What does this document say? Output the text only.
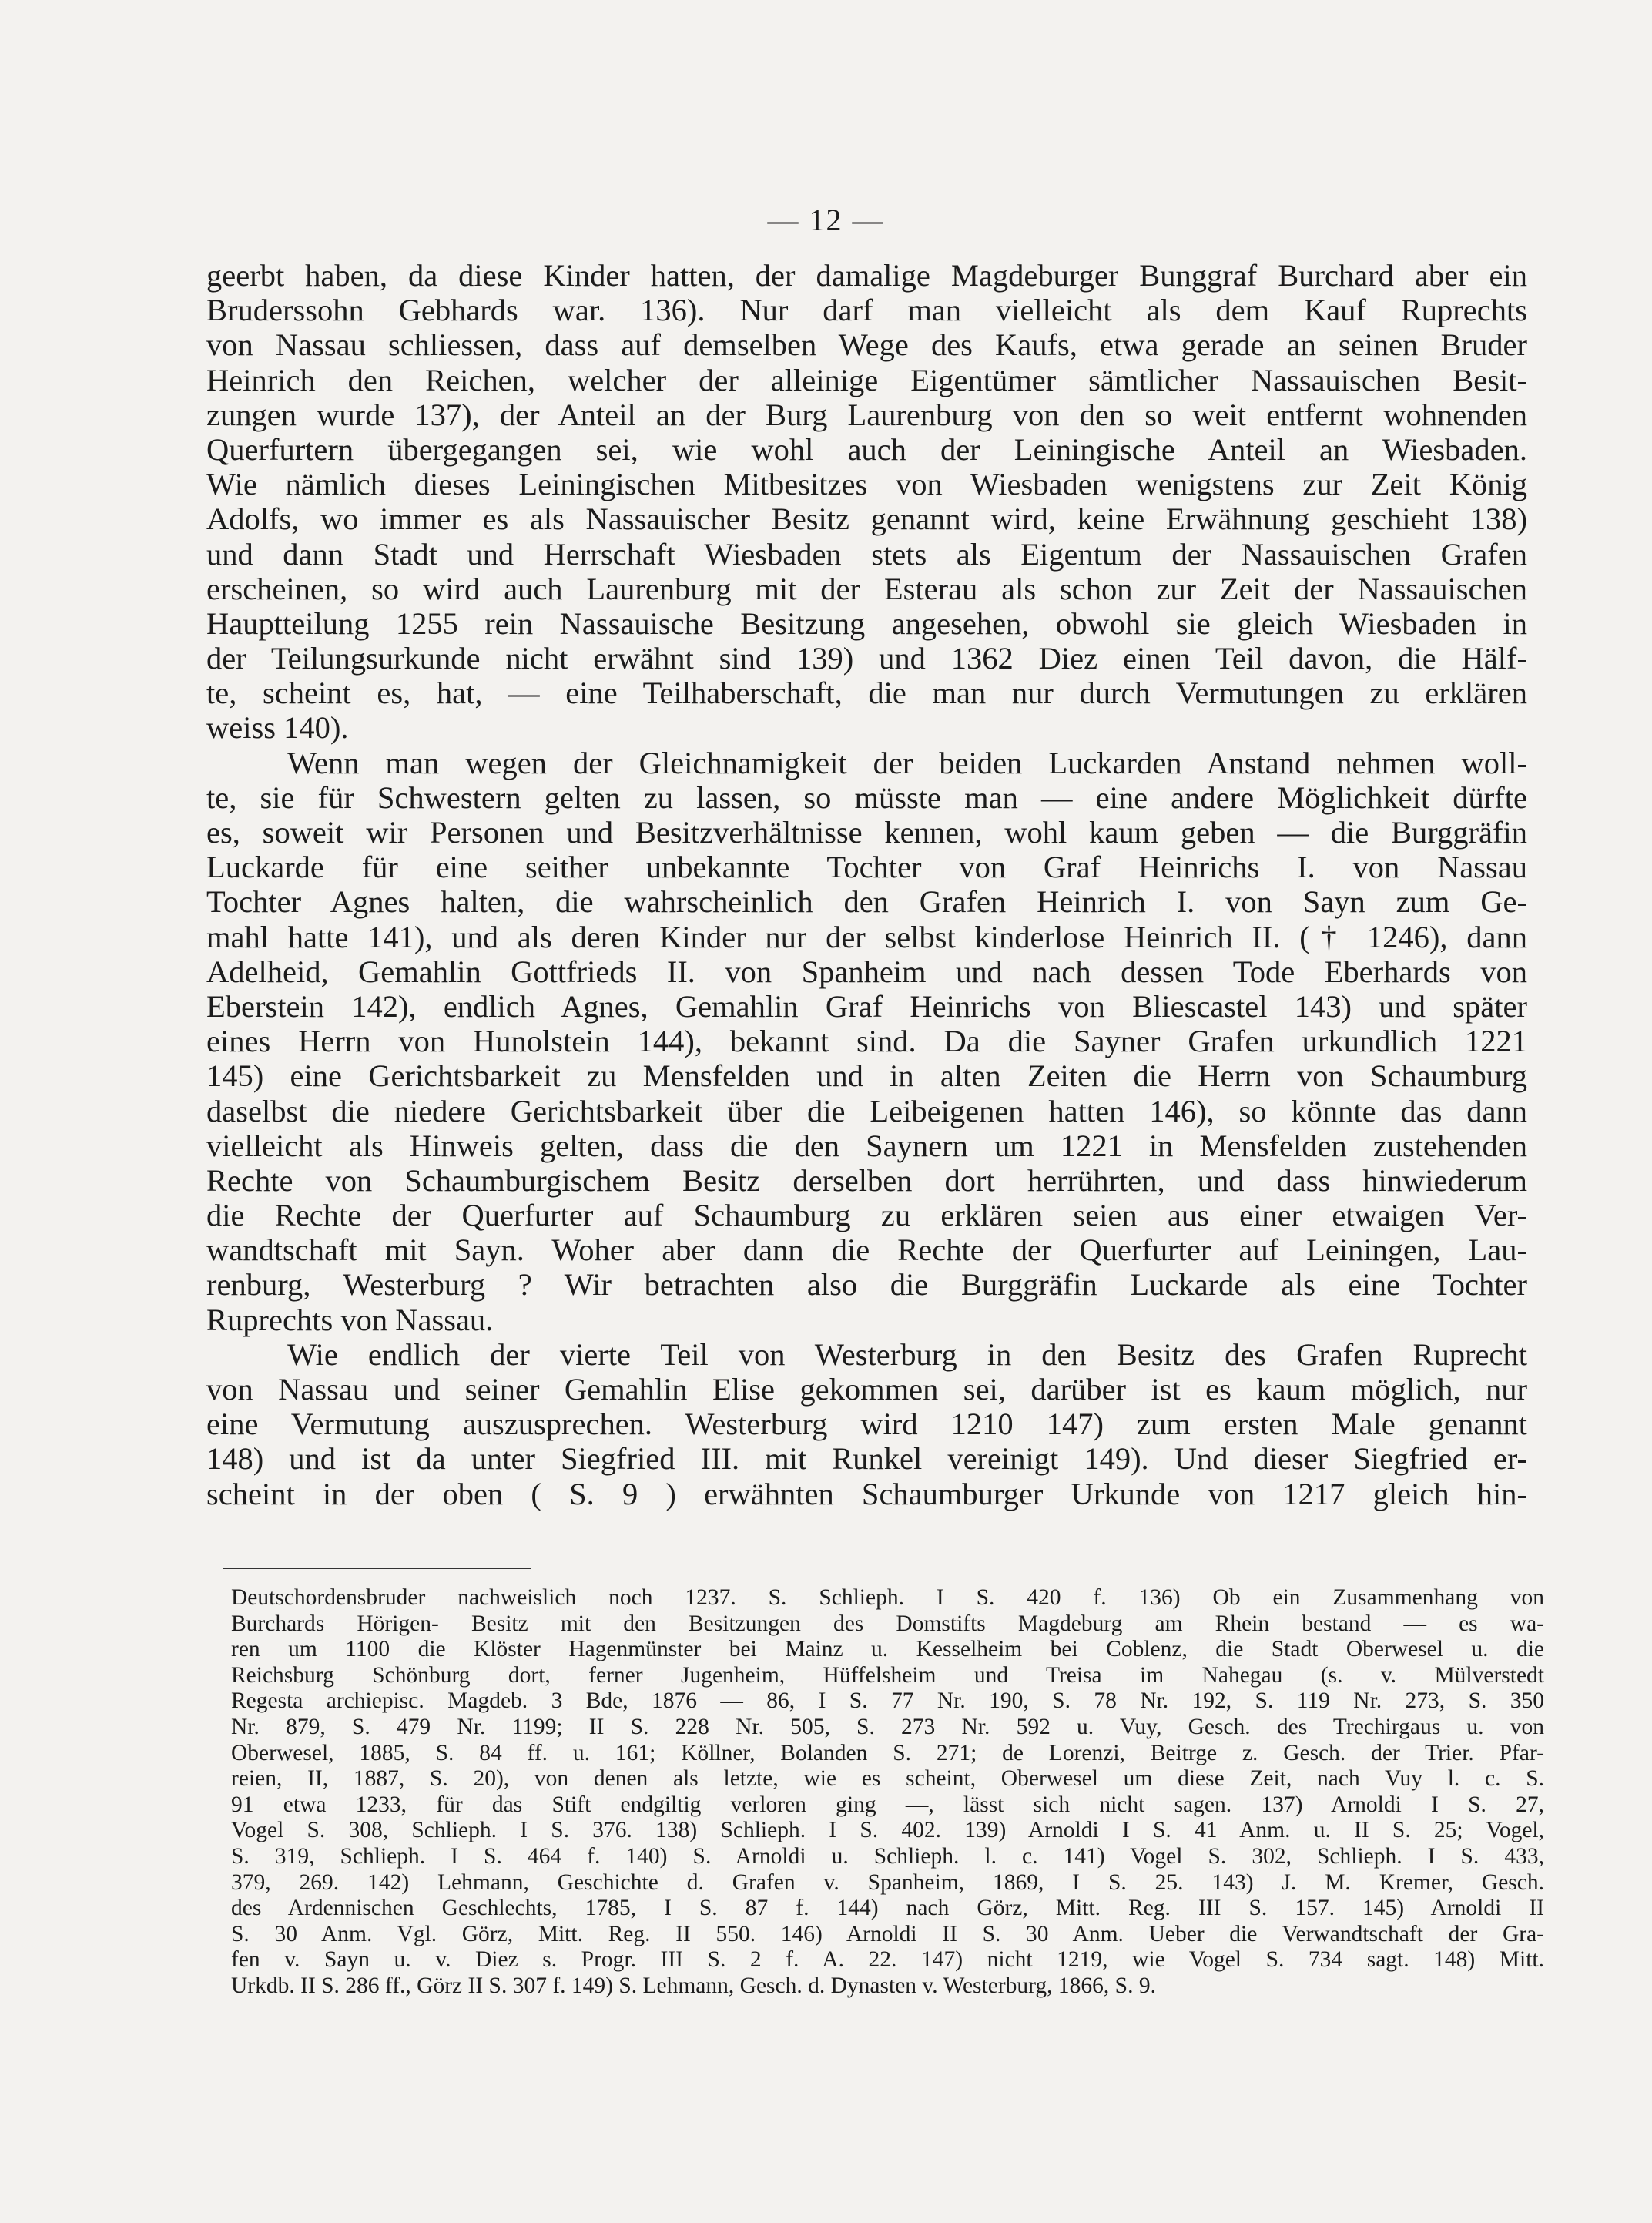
— 12 —
geerbt haben, da diese Kinder hatten, der damalige Magdeburger Bunggraf Burchard aber ein
Bruderssohn Gebhards war. 136). Nur darf man vielleicht als dem Kauf Ruprechts
von Nassau schliessen, dass auf demselben Wege des Kaufs, etwa gerade an seinen Bruder
Heinrich den Reichen, welcher der alleinige Eigentümer sämtlicher Nassauischen Besit-
zungen wurde 137), der Anteil an der Burg Laurenburg von den so weit entfernt wohnenden
Querfurtern übergegangen sei, wie wohl auch der Leiningische Anteil an Wiesbaden.
Wie nämlich dieses Leiningischen Mitbesitzes von Wiesbaden wenigstens zur Zeit König
Adolfs, wo immer es als Nassauischer Besitz genannt wird, keine Erwähnung geschieht 138)
und dann Stadt und Herrschaft Wiesbaden stets als Eigentum der Nassauischen Grafen
erscheinen, so wird auch Laurenburg mit der Esterau als schon zur Zeit der Nassauischen
Hauptteilung 1255 rein Nassauische Besitzung angesehen, obwohl sie gleich Wiesbaden in
der Teilungsurkunde nicht erwähnt sind 139) und 1362 Diez einen Teil davon, die Hälf-
te, scheint es, hat, — eine Teilhaberschaft, die man nur durch Vermutungen zu erklären
weiss 140).
Wenn man wegen der Gleichnamigkeit der beiden Luckarden Anstand nehmen woll-
te, sie für Schwestern gelten zu lassen, so müsste man — eine andere Möglichkeit dürfte
es, soweit wir Personen und Besitzverhältnisse kennen, wohl kaum geben — die Burggräfin
Luckarde für eine seither unbekannte Tochter von Graf Heinrichs I. von Nassau
Tochter Agnes halten, die wahrscheinlich den Grafen Heinrich I. von Sayn zum Ge-
mahl hatte 141), und als deren Kinder nur der selbst kinderlose Heinrich II. († 1246), dann
Adelheid, Gemahlin Gottfrieds II. von Spanheim und nach dessen Tode Eberhards von
Eberstein 142), endlich Agnes, Gemahlin Graf Heinrichs von Bliescastel 143) und später
eines Herrn von Hunolstein 144), bekannt sind. Da die Sayner Grafen urkundlich 1221
145) eine Gerichtsbarkeit zu Mensfelden und in alten Zeiten die Herrn von Schaumburg
daselbst die niedere Gerichtsbarkeit über die Leibeigenen hatten 146), so könnte das dann
vielleicht als Hinweis gelten, dass die den Saynern um 1221 in Mensfelden zustehenden
Rechte von Schaumburgischem Besitz derselben dort herrührten, und dass hinwiederum
die Rechte der Querfurter auf Schaumburg zu erklären seien aus einer etwaigen Ver-
wandtschaft mit Sayn. Woher aber dann die Rechte der Querfurter auf Leiningen, Lau-
renburg, Westerburg ? Wir betrachten also die Burggräfin Luckarde als eine Tochter
Ruprechts von Nassau.
Wie endlich der vierte Teil von Westerburg in den Besitz des Grafen Ruprecht
von Nassau und seiner Gemahlin Elise gekommen sei, darüber ist es kaum möglich, nur
eine Vermutung auszusprechen. Westerburg wird 1210 147) zum ersten Male genannt
148) und ist da unter Siegfried III. mit Runkel vereinigt 149). Und dieser Siegfried er-
scheint in der oben ( S. 9 ) erwähnten Schaumburger Urkunde von 1217 gleich hin-
Deutschordensbruder nachweislich noch 1237. S. Schlieph. I S. 420 f. 136) Ob ein Zusammenhang von
Burchards Hörigen- Besitz mit den Besitzungen des Domstifts Magdeburg am Rhein bestand — es wa-
ren um 1100 die Klöster Hagenmünster bei Mainz u. Kesselheim bei Coblenz, die Stadt Oberwesel u. die
Reichsburg Schönburg dort, ferner Jugenheim, Hüffelsheim und Treisa im Nahegau (s. v. Mülverstedt
Regesta archiepisc. Magdeb. 3 Bde, 1876 — 86, I S. 77 Nr. 190, S. 78 Nr. 192, S. 119 Nr. 273, S. 350
Nr. 879, S. 479 Nr. 1199; II S. 228 Nr. 505, S. 273 Nr. 592 u. Vuy, Gesch. des Trechirgaus u. von
Oberwesel, 1885, S. 84 ff. u. 161; Köllner, Bolanden S. 271; de Lorenzi, Beitrge z. Gesch. der Trier. Pfar-
reien, II, 1887, S. 20), von denen als letzte, wie es scheint, Oberwesel um diese Zeit, nach Vuy l. c. S.
91 etwa 1233, für das Stift endgiltig verloren ging —, lässt sich nicht sagen. 137) Arnoldi I S. 27,
Vogel S. 308, Schlieph. I S. 376. 138) Schlieph. I S. 402. 139) Arnoldi I S. 41 Anm. u. II S. 25; Vogel,
S. 319, Schlieph. I S. 464 f. 140) S. Arnoldi u. Schlieph. l. c. 141) Vogel S. 302, Schlieph. I S. 433,
379, 269. 142) Lehmann, Geschichte d. Grafen v. Spanheim, 1869, I S. 25. 143) J. M. Kremer, Gesch.
des Ardennischen Geschlechts, 1785, I S. 87 f. 144) nach Görz, Mitt. Reg. III S. 157. 145) Arnoldi II
S. 30 Anm. Vgl. Görz, Mitt. Reg. II 550. 146) Arnoldi II S. 30 Anm. Ueber die Verwandtschaft der Gra-
fen v. Sayn u. v. Diez s. Progr. III S. 2 f. A. 22. 147) nicht 1219, wie Vogel S. 734 sagt. 148) Mitt.
Urkdb. II S. 286 ff., Görz II S. 307 f. 149) S. Lehmann, Gesch. d. Dynasten v. Westerburg, 1866, S. 9.
